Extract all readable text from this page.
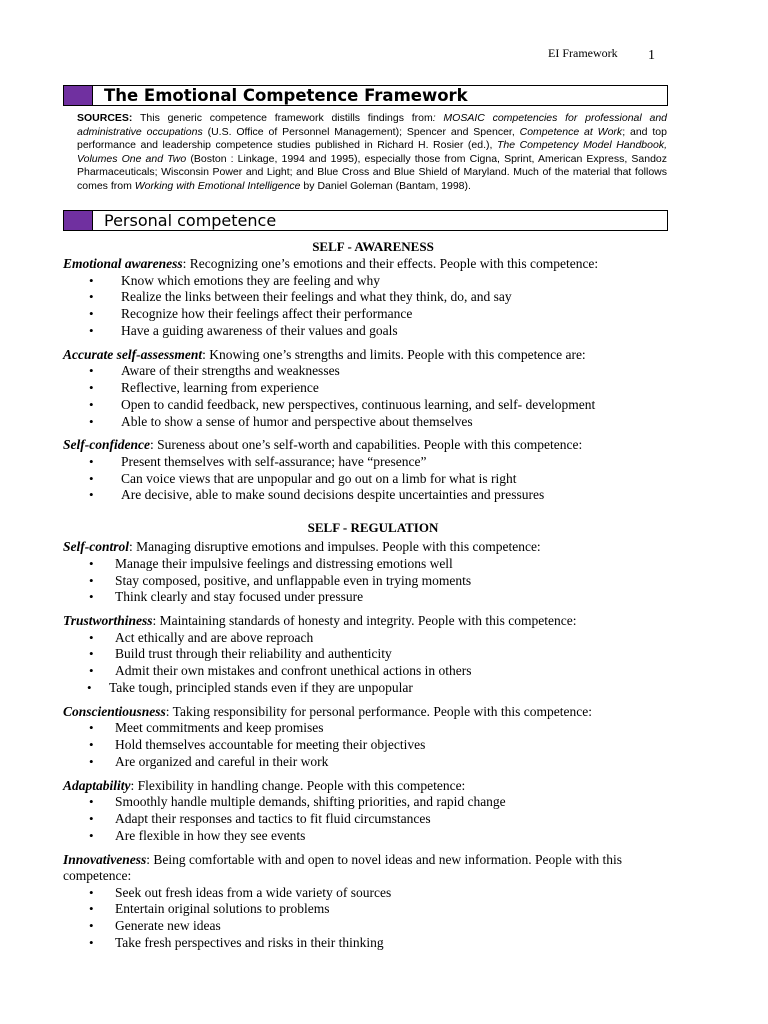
EI Framework 1
The Emotional Competence Framework
SOURCES: This generic competence framework distills findings from: MOSAIC competencies for professional and administrative occupations (U.S. Office of Personnel Management); Spencer and Spencer, Competence at Work; and top performance and leadership competence studies published in Richard H. Rosier (ed.), The Competency Model Handbook, Volumes One and Two (Boston : Linkage, 1994 and 1995), especially those from Cigna, Sprint, American Express, Sandoz Pharmaceuticals; Wisconsin Power and Light; and Blue Cross and Blue Shield of Maryland. Much of the material that follows comes from Working with Emotional Intelligence by Daniel Goleman (Bantam, 1998).
Personal competence
SELF - AWARENESS

Emotional awareness: Recognizing one’s emotions and their effects. People with this competence:

• Know which emotions they are feeling and why
• Realize the links between their feelings and what they think, do, and say
• Recognize how their feelings affect their performance
• Have a guiding awareness of their values and goals

Accurate self-assessment: Knowing one’s strengths and limits. People with this competence are:

• Aware of their strengths and weaknesses
• Reflective, learning from experience
• Open to candid feedback, new perspectives, continuous learning, and self- development
• Able to show a sense of humor and perspective about themselves

Self-confidence: Sureness about one’s self-worth and capabilities. People with this competence:

• Present themselves with self-assurance; have “presence”
• Can voice views that are unpopular and go out on a limb for what is right
• Are decisive, able to make sound decisions despite uncertainties and pressures
SELF - REGULATION

Self-control: Managing disruptive emotions and impulses. People with this competence:

• Manage their impulsive feelings and distressing emotions well
• Stay composed, positive, and unflappable even in trying moments
• Think clearly and stay focused under pressure

Trustworthiness: Maintaining standards of honesty and integrity. People with this competence:

• Act ethically and are above reproach
• Build trust through their reliability and authenticity
• Admit their own mistakes and confront unethical actions in others
• Take tough, principled stands even if they are unpopular

Conscientiousness: Taking responsibility for personal performance. People with this competence:

• Meet commitments and keep promises
• Hold themselves accountable for meeting their objectives
• Are organized and careful in their work

Adaptability: Flexibility in handling change. People with this competence:

• Smoothly handle multiple demands, shifting priorities, and rapid change
• Adapt their responses and tactics to fit fluid circumstances
• Are flexible in how they see events

Innovativeness: Being comfortable with and open to novel ideas and new information. People with this competence:

• Seek out fresh ideas from a wide variety of sources
• Entertain original solutions to problems
• Generate new ideas
• Take fresh perspectives and risks in their thinking
